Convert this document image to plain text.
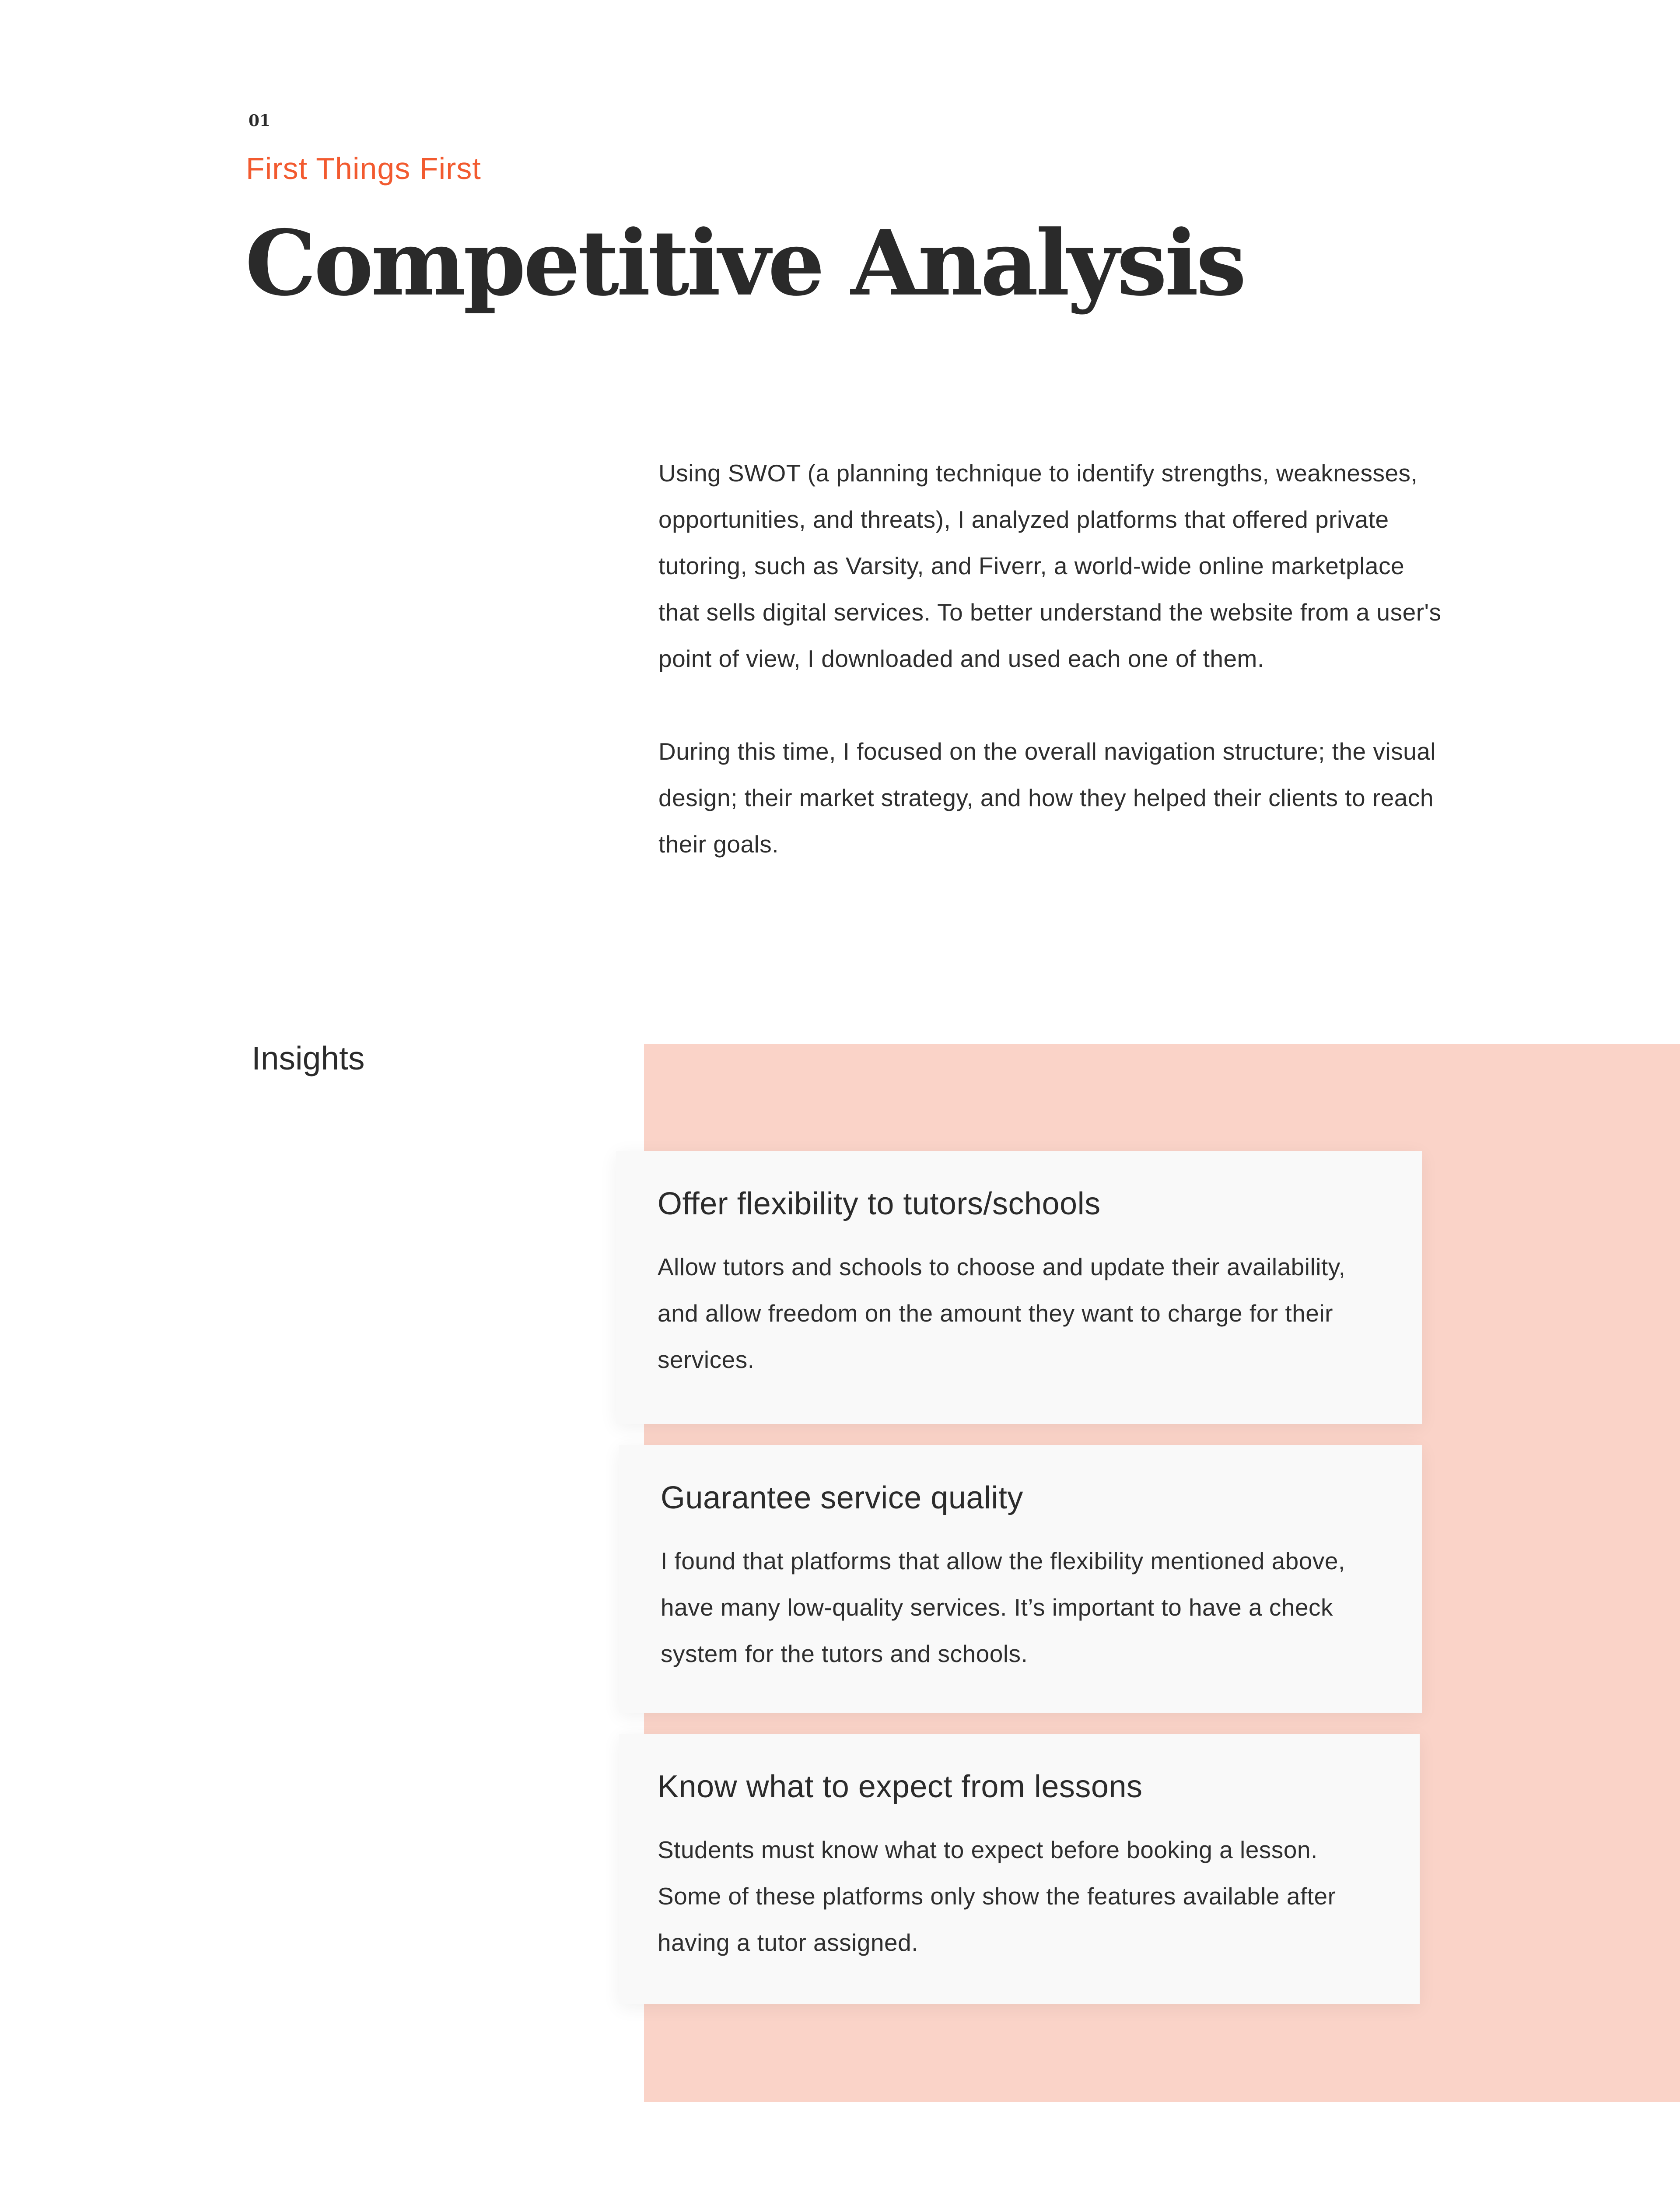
01
First Things First
Competitive Analysis

Using SWOT (a planning technique to identify strengths, weaknesses, opportunities, and threats), I analyzed platforms that offered private tutoring, such as Varsity, and Fiverr, a world-wide online marketplace that sells digital services. To better understand the website from a user's point of view, I downloaded and used each one of them.

During this time, I focused on the overall navigation structure; the visual design; their market strategy, and how they helped their clients to reach their goals.

Insights
Offer flexibility to tutors/schools

Allow tutors and schools to choose and update their availability, and allow freedom on the amount they want to charge for their services.

Guarantee service quality

I found that platforms that allow the flexibility mentioned above, have many low-quality services. It’s important to have a check system for the tutors and schools.

Know what to expect from lessons

Students must know what to expect before booking a lesson. Some of these platforms only show the features available after having a tutor assigned.
